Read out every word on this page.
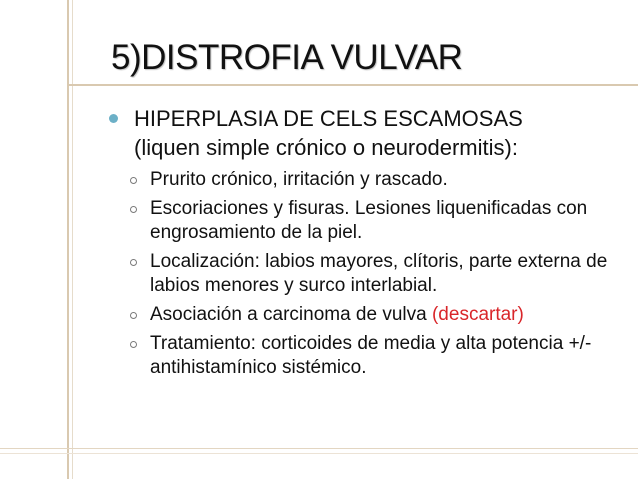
5)DISTROFIA VULVAR
HIPERPLASIA DE CELS ESCAMOSAS
(liquen simple crónico o neurodermitis):
Prurito crónico, irritación y rascado.
Escoriaciones y fisuras. Lesiones liquenificadas con engrosamiento de la piel.
Localización: labios mayores, clítoris, parte externa de labios menores y surco interlabial.
Asociación a carcinoma de vulva (descartar)
Tratamiento: corticoides de media y alta potencia +/- antihistamínico sistémico.
